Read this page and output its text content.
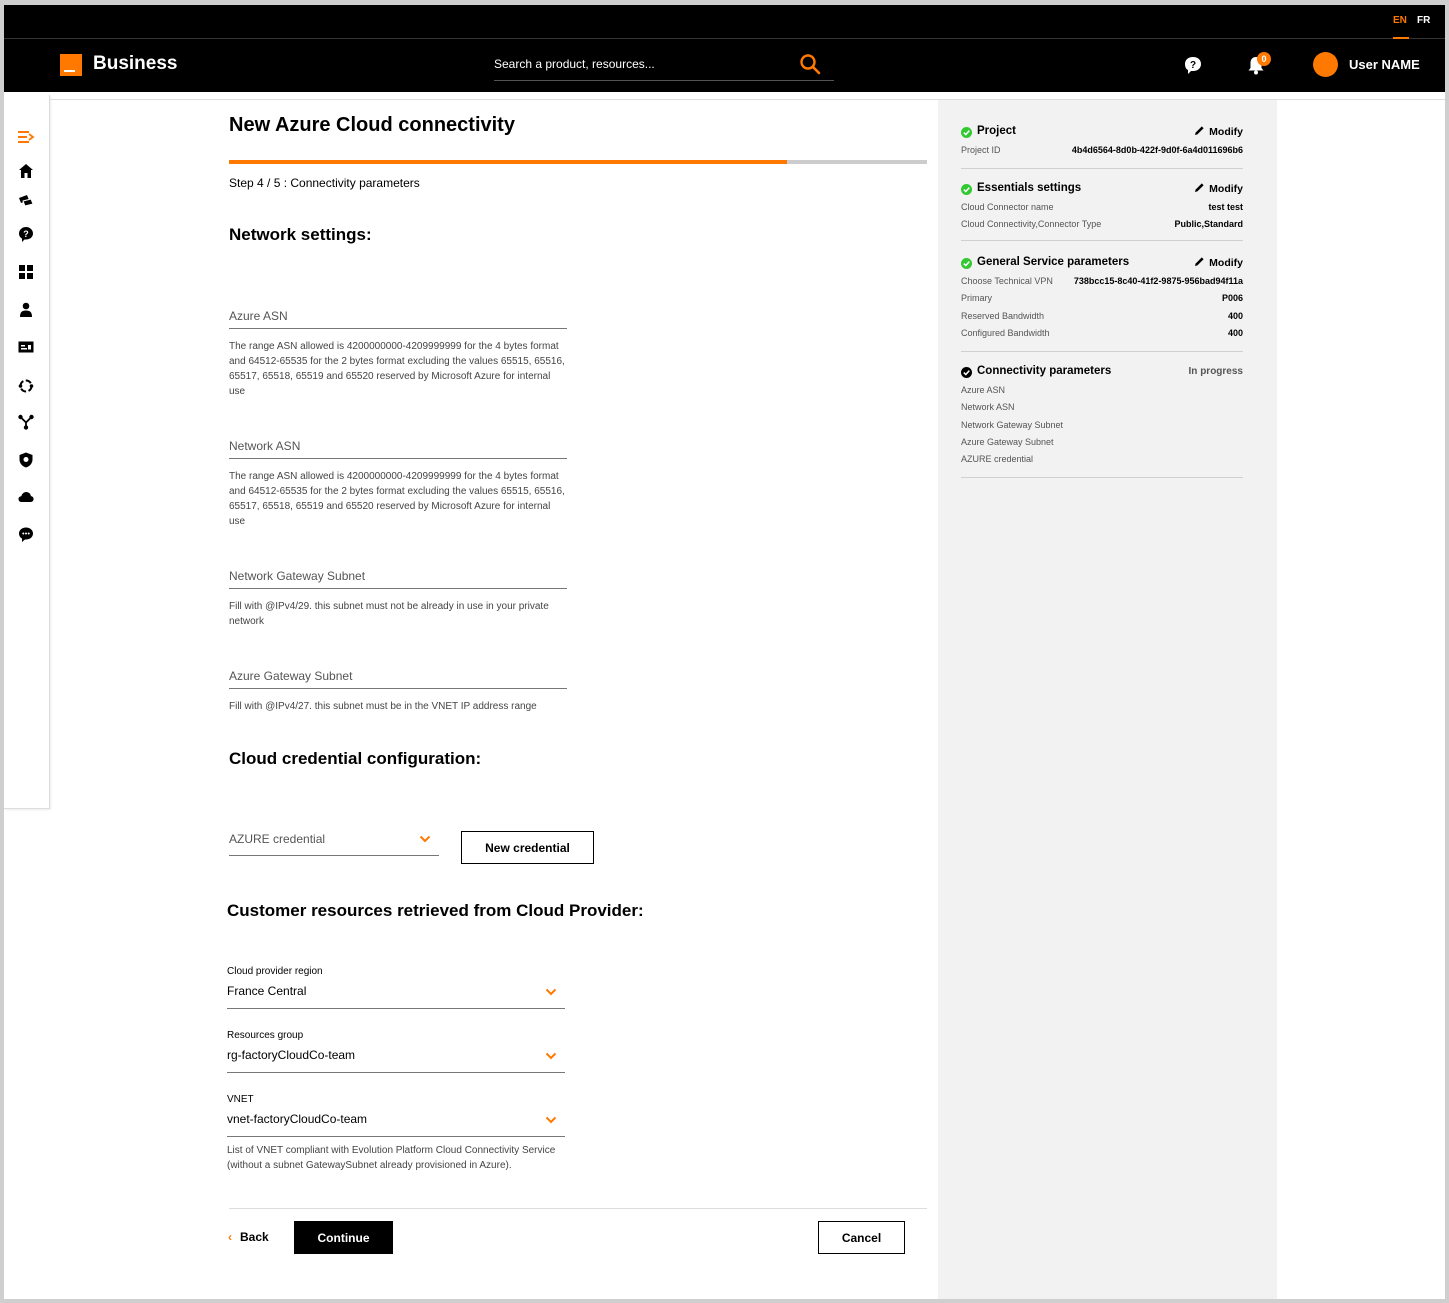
EN FR
Business
Search a product, resources...	?
0	User NAME
?
New Azure Cloud connectivity
Step 4 / 5 : Connectivity parameters
Network settings:
Azure ASN
The range ASN allowed is 4200000000-4209999999 for the 4 bytes format and 64512-65535 for the 2 bytes format excluding the values 65515, 65516, 65517, 65518, 65519 and 65520 reserved by Microsoft Azure for internal use
Network ASN
The range ASN allowed is 4200000000-4209999999 for the 4 bytes format and 64512-65535 for the 2 bytes format excluding the values 65515, 65516, 65517, 65518, 65519 and 65520 reserved by Microsoft Azure for internal use
Network Gateway Subnet
Fill with @IPv4/29. this subnet must not be already in use in your private network
Azure Gateway Subnet
Fill with @IPv4/27. this subnet must be in the VNET IP address range
Cloud credential configuration:
AZURE credential
New credential
Customer resources retrieved from Cloud Provider:
Cloud provider region
France Central
Resources group
rg-factoryCloudCo-team
VNET
vnet-factoryCloudCo-team
List of VNET compliant with Evolution Platform Cloud Connectivity Service (without a subnet GatewaySubnet already provisioned in Azure).
‹ Back	Continue	Cancel
Project	Modify
Project ID	4b4d6564-8d0b-422f-9d0f-6a4d011696b6
Essentials settings	Modify
Cloud Connector name	test test
Cloud Connectivity,Connector Type	Public,Standard
General Service parameters	Modify
Choose Technical VPN 738bcc15-8c40-41f2-9875-956bad94f11a
Primary	P006
Reserved Bandwidth	400
Configured Bandwidth	400
Connectivity parameters	In progress
Azure ASN
Network ASN
Network Gateway Subnet
Azure Gateway Subnet
AZURE credential
